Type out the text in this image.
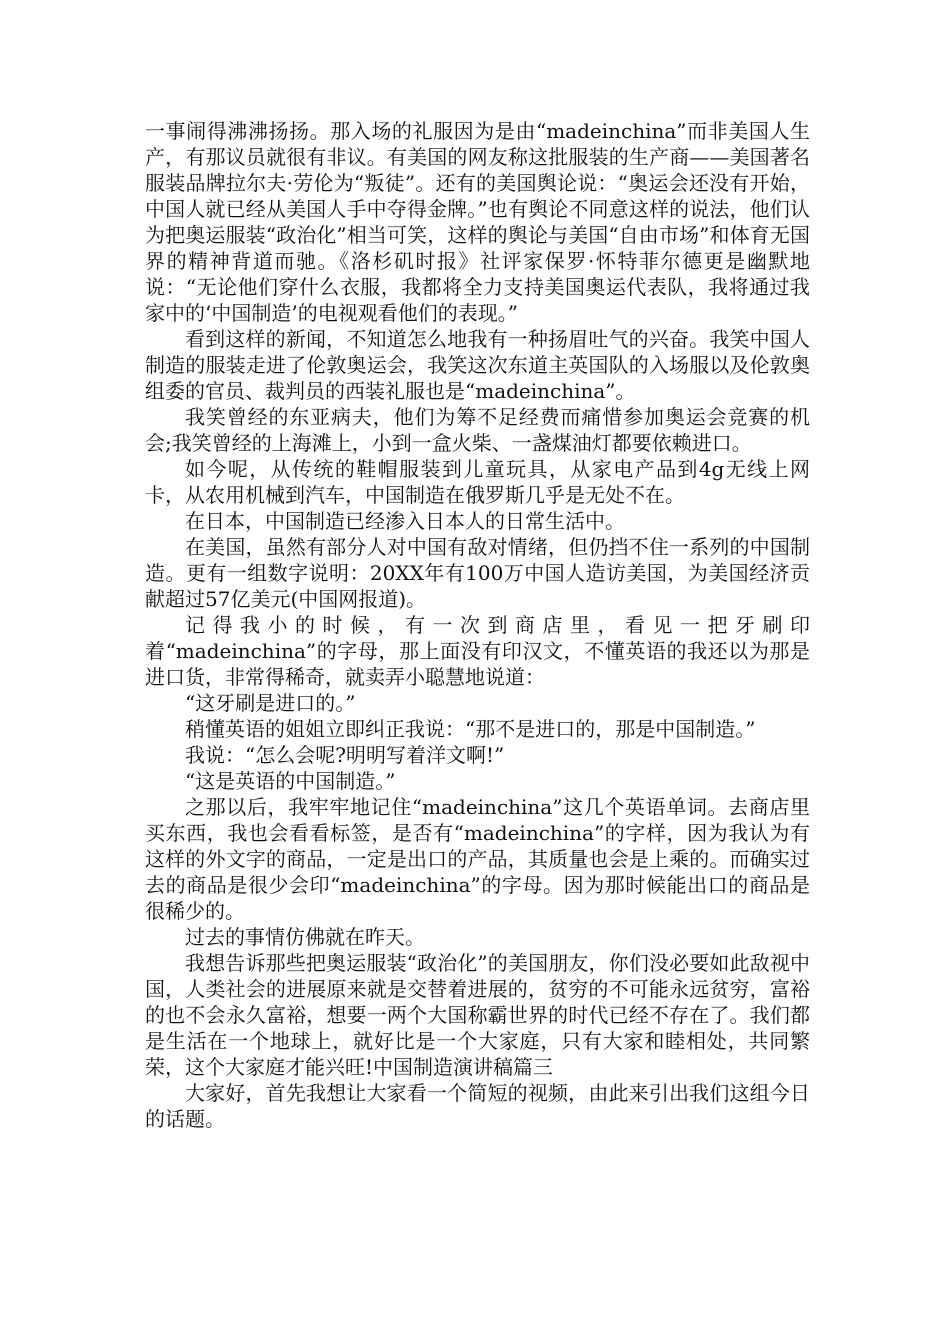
一事闹得沸沸扬扬。那入场的礼服因为是由“madeinchina”而非美国人生产，有那议员就很有非议。有美国的网友称这批服装的生产商——美国著名服装品牌拉尔夫·劳伦为“叛徒”。还有的美国舆论说：“奥运会还没有开始，中国人就已经从美国人手中夺得金牌。”也有舆论不同意这样的说法，他们认为把奥运服装“政治化”相当可笑，这样的舆论与美国“自由市场”和体育无国界的精神背道而驰。《洛杉矶时报》社评家保罗·怀特菲尔德更是幽默地说：“无论他们穿什么衣服，我都将全力支持美国奥运代表队，我将通过我家中的‘中国制造’的电视观看他们的表现。”

看到这样的新闻，不知道怎么地我有一种扬眉吐气的兴奋。我笑中国人制造的服装走进了伦敦奥运会，我笑这次东道主英国队的入场服以及伦敦奥组委的官员、裁判员的西装礼服也是“madeinchina”。

我笑曾经的东亚病夫，他们为筹不足经费而痛惜参加奥运会竞赛的机会;我笑曾经的上海滩上，小到一盒火柴、一盏煤油灯都要依赖进口。

如今呢，从传统的鞋帽服装到儿童玩具，从家电产品到4g无线上网卡，从农用机械到汽车，中国制造在俄罗斯几乎是无处不在。

在日本，中国制造已经渗入日本人的日常生活中。

在美国，虽然有部分人对中国有敌对情绪，但仍挡不住一系列的中国制造。更有一组数字说明：20XX年有100万中国人造访美国，为美国经济贡献超过57亿美元(中国网报道)。

记得我小的时候，有一次到商店里，看见一把牙刷印着“madeinchina”的字母，那上面没有印汉文，不懂英语的我还以为那是进口货，非常得稀奇，就卖弄小聪慧地说道：

“这牙刷是进口的。”

稍懂英语的姐姐立即纠正我说：“那不是进口的，那是中国制造。”

我说：“怎么会呢?明明写着洋文啊!”

“这是英语的中国制造。”

之那以后，我牢牢地记住“madeinchina”这几个英语单词。去商店里买东西，我也会看看标签，是否有“madeinchina”的字样，因为我认为有这样的外文字的商品，一定是出口的产品，其质量也会是上乘的。而确实过去的商品是很少会印“madeinchina”的字母。因为那时候能出口的商品是很稀少的。

过去的事情仿佛就在昨天。

我想告诉那些把奥运服装“政治化”的美国朋友，你们没必要如此敌视中国，人类社会的进展原来就是交替着进展的，贫穷的不可能永远贫穷，富裕的也不会永久富裕，想要一两个大国称霸世界的时代已经不存在了。我们都是生活在一个地球上，就好比是一个大家庭，只有大家和睦相处，共同繁荣，这个大家庭才能兴旺!中国制造演讲稿篇三

大家好，首先我想让大家看一个简短的视频，由此来引出我们这组今日的话题。
